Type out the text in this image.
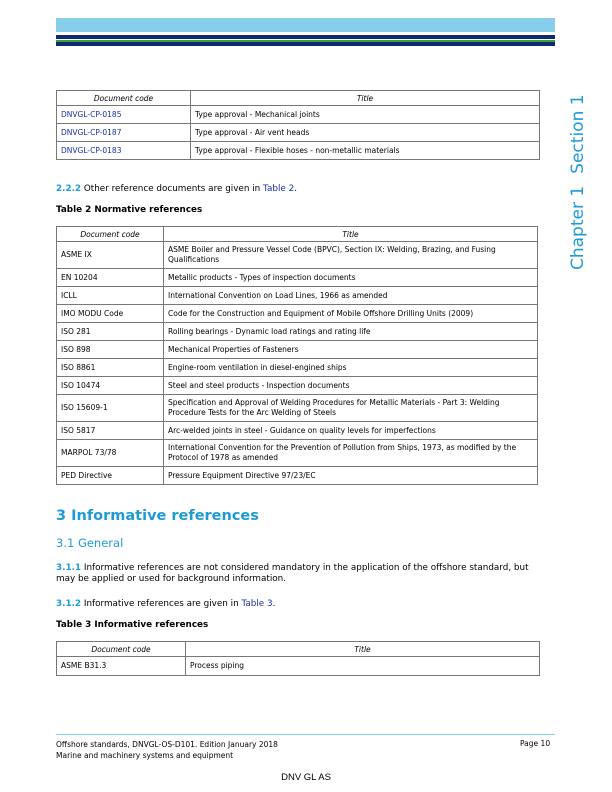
Chapter 1Section 1
Document code	Title
DNVGL-CP-0185	Type approval - Mechanical joints
DNVGL-CP-0187	Type approval - Air vent heads
DNVGL-CP-0183	Type approval - Flexible hoses - non-metallic materials
2.2.2 Other reference documents are given in Table 2.
Table 2 Normative references
Document code	Title
ASME IX	ASME Boiler and Pressure Vessel Code (BPVC), Section IX: Welding, Brazing, and Fusing Qualifications
EN 10204	Metallic products - Types of inspection documents
ICLL	International Convention on Load Lines, 1966 as amended
IMO MODU Code	Code for the Construction and Equipment of Mobile Offshore Drilling Units (2009)
ISO 281	Rolling bearings - Dynamic load ratings and rating life
ISO 898	Mechanical Properties of Fasteners
ISO 8861	Engine-room ventilation in diesel-engined ships
ISO 10474	Steel and steel products - Inspection documents
ISO 15609-1	Specification and Approval of Welding Procedures for Metallic Materials - Part 3: Welding Procedure Tests for the Arc Welding of Steels
ISO 5817	Arc-welded joints in steel - Guidance on quality levels for imperfections
MARPOL 73/78	International Convention for the Prevention of Pollution from Ships, 1973, as modified by the Protocol of 1978 as amended
PED Directive	Pressure Equipment Directive 97/23/EC
3 Informative references
3.1 General
3.1.1 Informative references are not considered mandatory in the application of the offshore standard, but may be applied or used for background information.
3.1.2 Informative references are given in Table 3.
Table 3 Informative references
Document code	Title
ASME B31.3	Process piping
Offshore standards, DNVGL-OS-D101. Edition January 2018
Marine and machinery systems and equipment
Page 10
DNV GL AS
